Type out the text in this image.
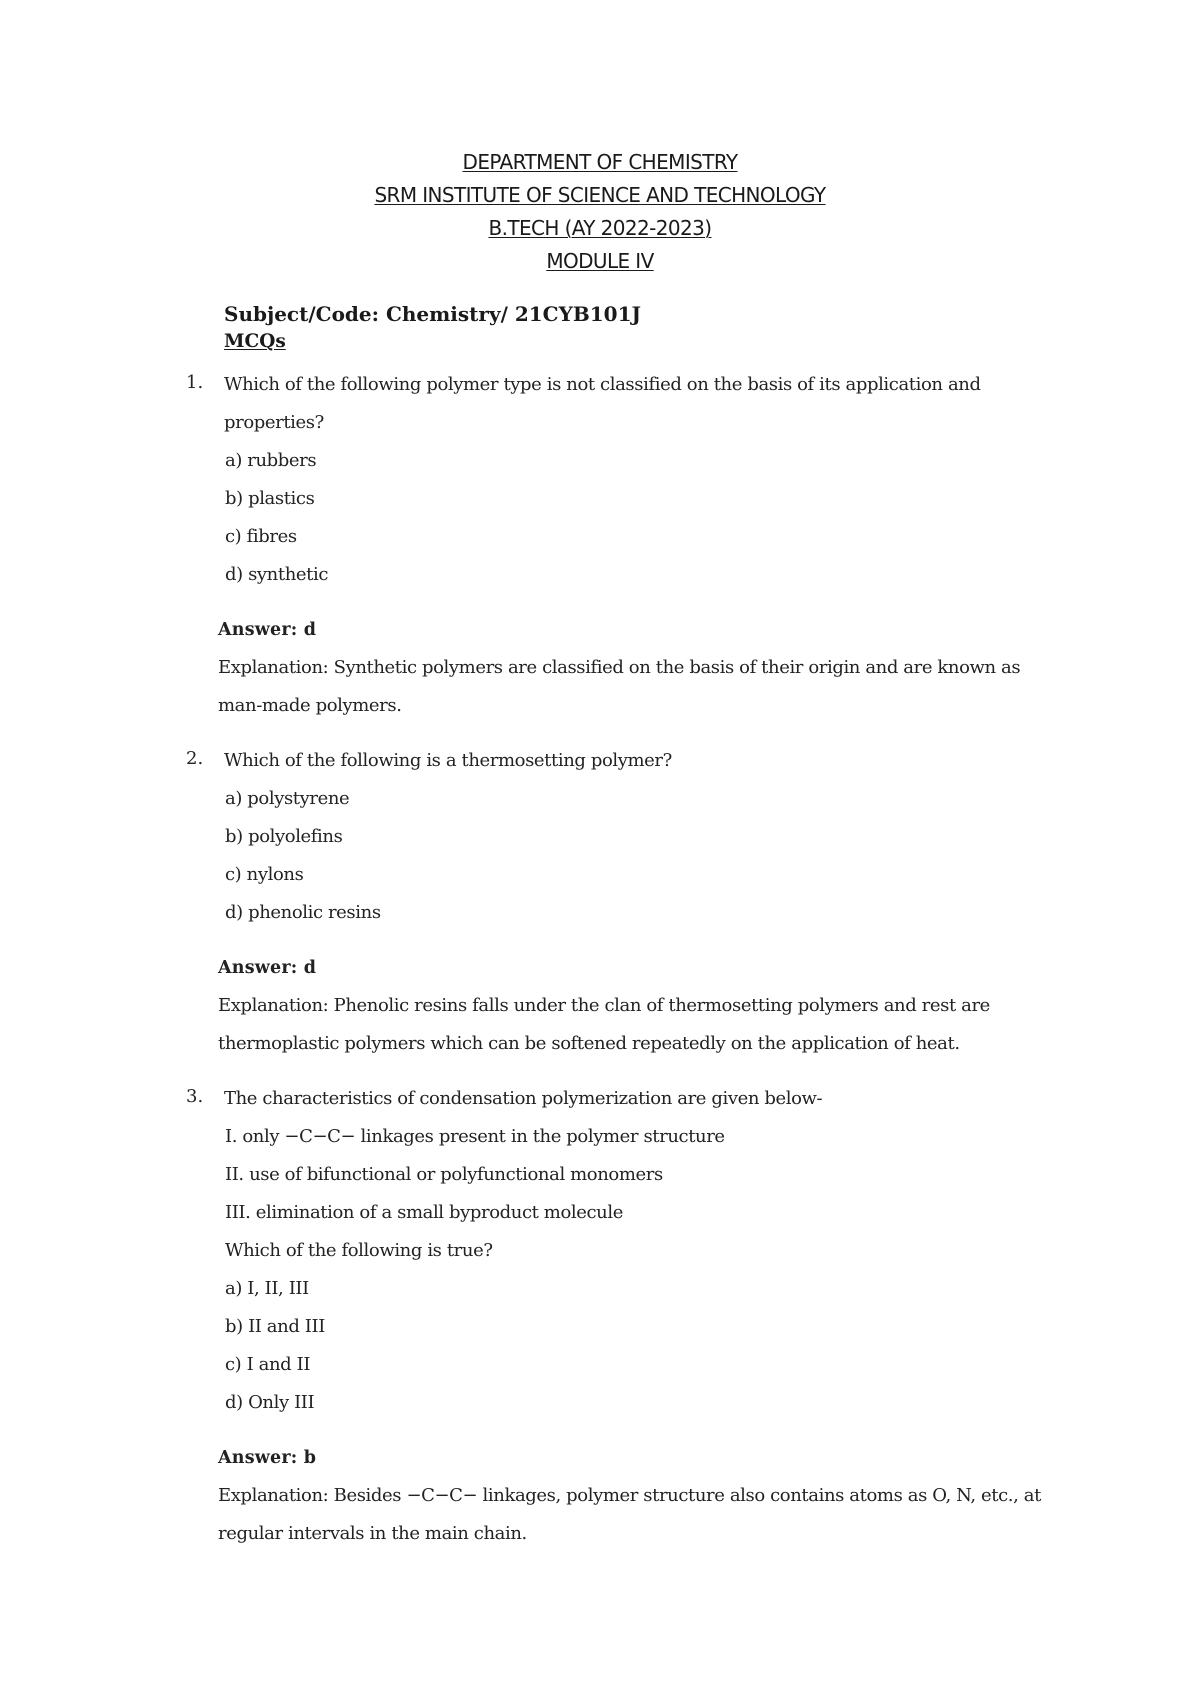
DEPARTMENT OF CHEMISTRY
SRM INSTITUTE OF SCIENCE AND TECHNOLOGY
B.TECH (AY 2022-2023)
MODULE IV
Subject/Code: Chemistry/ 21CYB101J
MCQs
1. Which of the following polymer type is not classified on the basis of its application and
properties?
a) rubbers
b) plastics
c) fibres
d) synthetic
Answer: d
Explanation: Synthetic polymers are classified on the basis of their origin and are known as
man-made polymers.
2. Which of the following is a thermosetting polymer?
a) polystyrene
b) polyolefins
c) nylons
d) phenolic resins
Answer: d
Explanation: Phenolic resins falls under the clan of thermosetting polymers and rest are
thermoplastic polymers which can be softened repeatedly on the application of heat.
3. The characteristics of condensation polymerization are given below-
I. only −C−C− linkages present in the polymer structure
II. use of bifunctional or polyfunctional monomers
III. elimination of a small byproduct molecule
Which of the following is true?
a) I, II, III
b) II and III
c) I and II
d) Only III
Answer: b
Explanation: Besides −C−C− linkages, polymer structure also contains atoms as O, N, etc., at
regular intervals in the main chain.
